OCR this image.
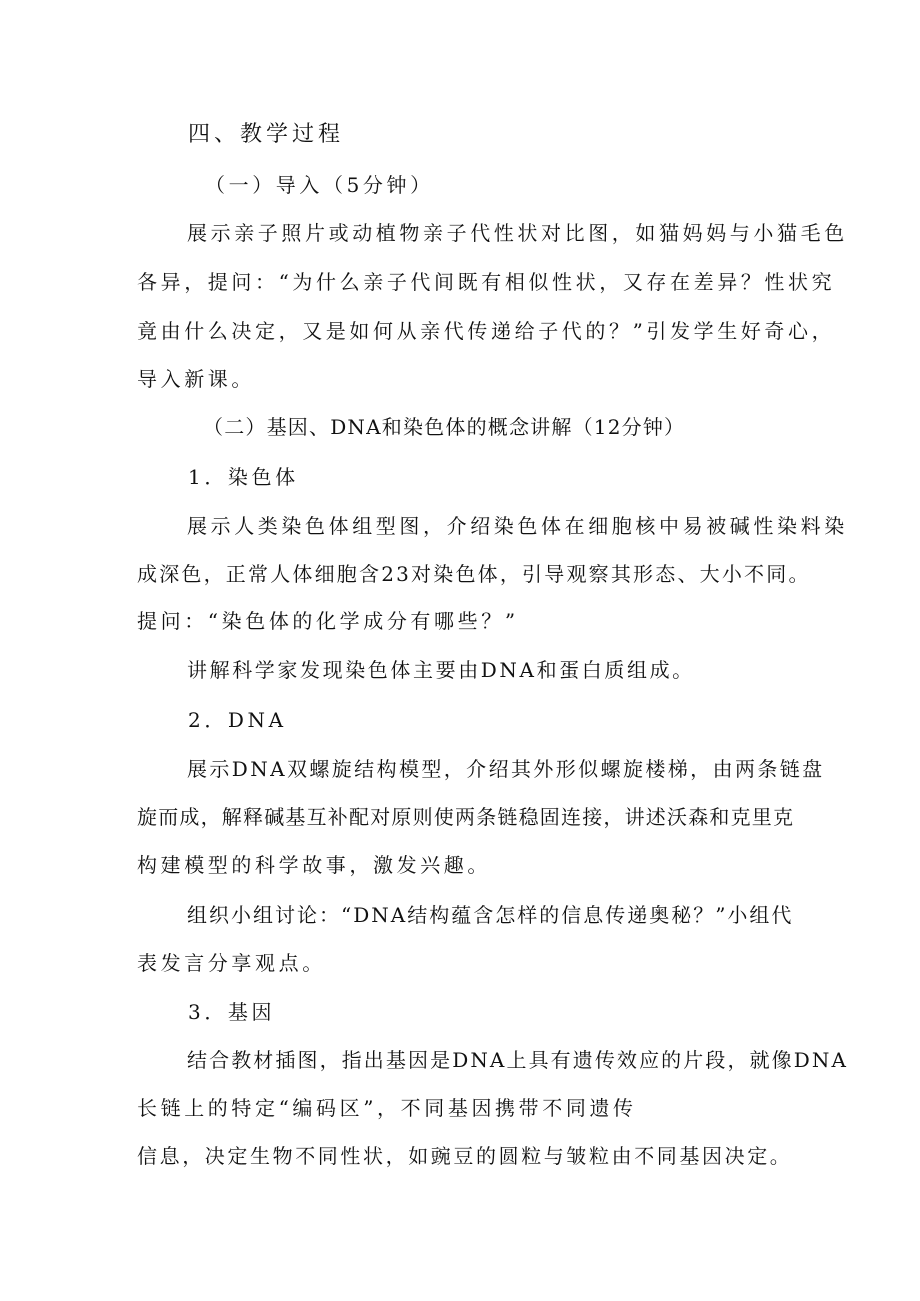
四、教学过程
（一）导入（5分钟）
展示亲子照片或动植物亲子代性状对比图，如猫妈妈与小猫毛色
各异，提问：“为什么亲子代间既有相似性状，又存在差异？性状究
竟由什么决定，又是如何从亲代传递给子代的？”引发学生好奇心，
导入新课。
（二）基因、DNA和染色体的概念讲解（12分钟）
1．染色体
展示人类染色体组型图，介绍染色体在细胞核中易被碱性染料染
成深色，正常人体细胞含23对染色体，引导观察其形态、大小不同。
提问：“染色体的化学成分有哪些？”
讲解科学家发现染色体主要由DNA和蛋白质组成。
2．DNA
展示DNA双螺旋结构模型，介绍其外形似螺旋楼梯，由两条链盘
旋而成，解释碱基互补配对原则使两条链稳固连接，讲述沃森和克里克
构建模型的科学故事，激发兴趣。
组织小组讨论：“DNA结构蕴含怎样的信息传递奥秘？”小组代
表发言分享观点。
3．基因
结合教材插图，指出基因是DNA上具有遗传效应的片段，就像DNA
长链上的特定“编码区”，不同基因携带不同遗传
信息，决定生物不同性状，如豌豆的圆粒与皱粒由不同基因决定。
